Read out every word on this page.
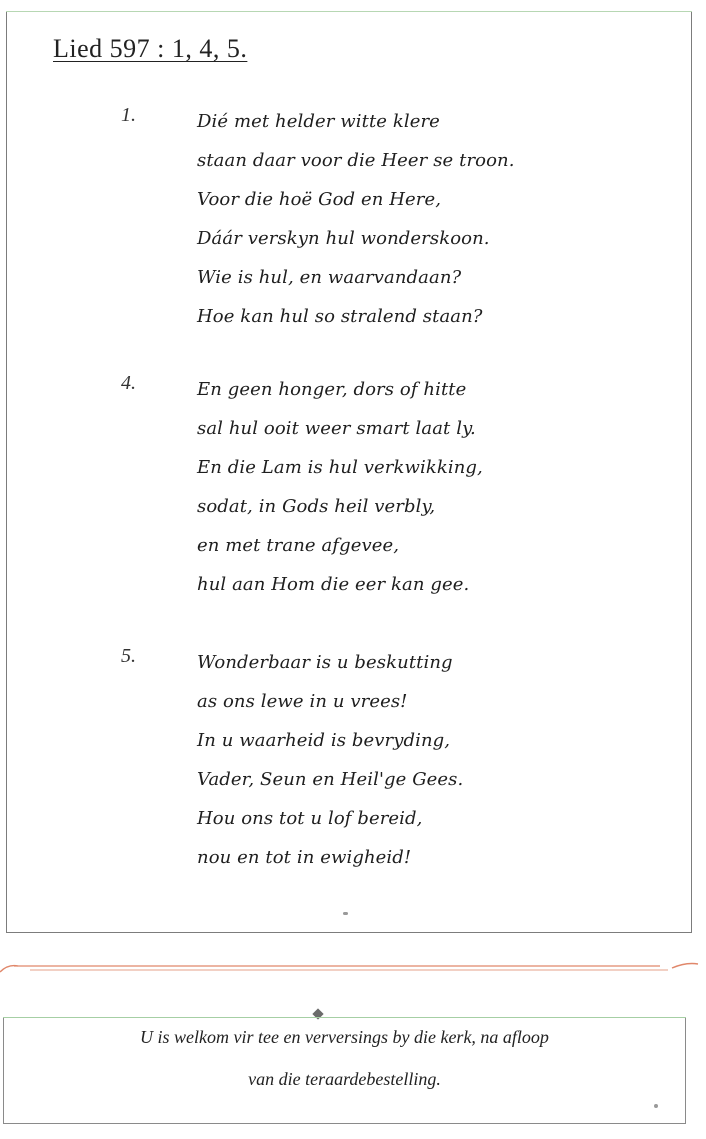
Lied 597 : 1, 4, 5.
1.	Dié met helder witte klere
staan daar voor die Heer se troon.
Voor die hoë God en Here,
Dáár verskyn hul wonderskoon.
Wie is hul, en waarvandaan?
Hoe kan hul so stralend staan?
4.	En geen honger, dors of hitte
sal hul ooit weer smart laat ly.
En die Lam is hul verkwikking,
sodat, in Gods heil verbly,
en met trane afgevee,
hul aan Hom die eer kan gee.
5.	Wonderbaar is u beskutting
as ons lewe in u vrees!
In u waarheid is bevryding,
Vader, Seun en Heil'ge Gees.
Hou ons tot u lof bereid,
nou en tot in ewigheid!
U is welkom vir tee en verversings by die kerk, na afloop
van die teraardebestelling.
